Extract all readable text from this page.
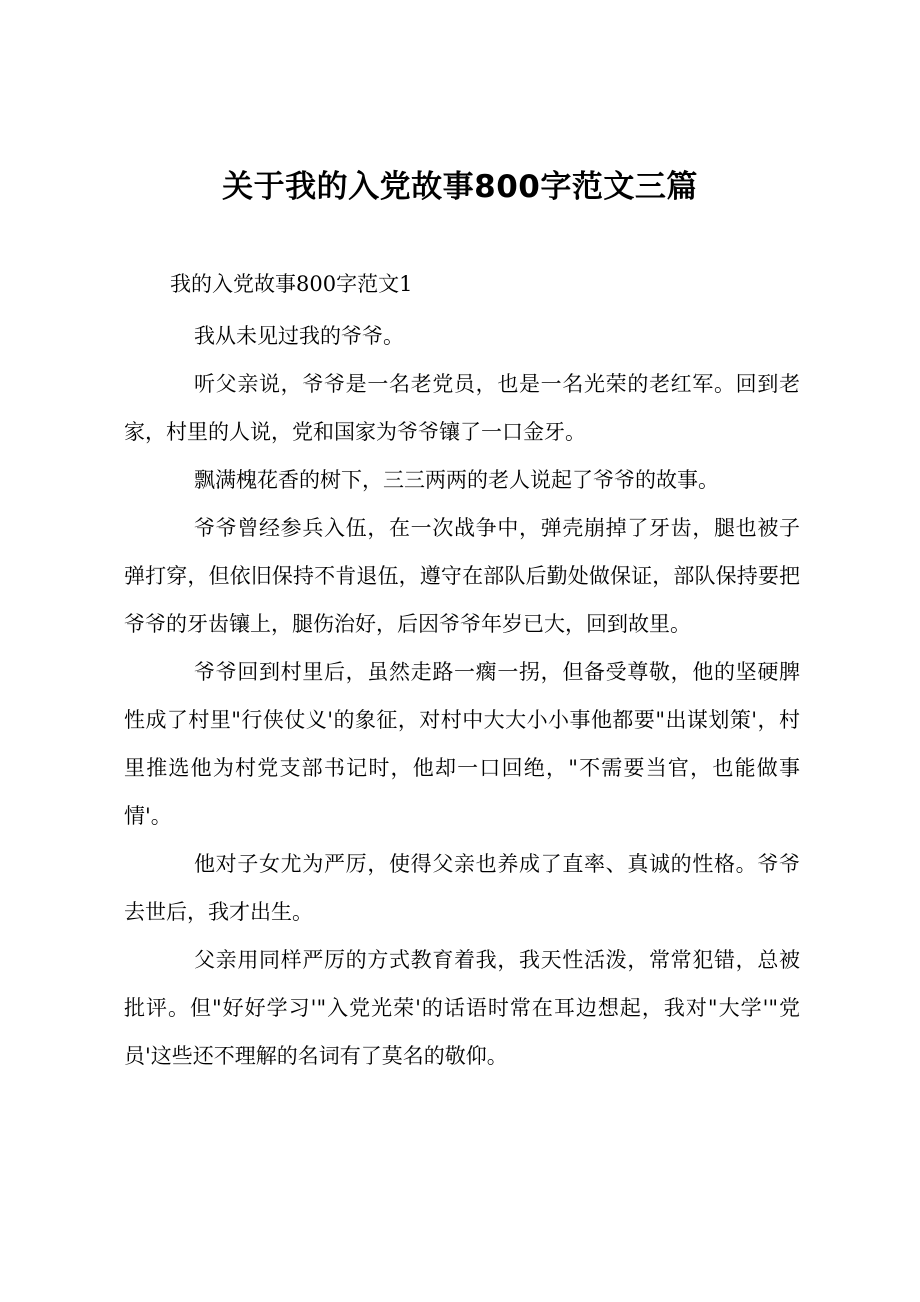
关于我的入党故事800字范文三篇
我的入党故事800字范文1

我从未见过我的爷爷。

听父亲说，爷爷是一名老党员，也是一名光荣的老红军。回到老家，村里的人说，党和国家为爷爷镶了一口金牙。

飘满槐花香的树下，三三两两的老人说起了爷爷的故事。

爷爷曾经参兵入伍，在一次战争中，弹壳崩掉了牙齿，腿也被子弹打穿，但依旧保持不肯退伍，遵守在部队后勤处做保证，部队保持要把爷爷的牙齿镶上，腿伤治好，后因爷爷年岁已大，回到故里。

爷爷回到村里后，虽然走路一瘸一拐，但备受尊敬，他的坚硬脾性成了村里"行侠仗义'的象征，对村中大大小小事他都要"出谋划策'，村里推选他为村党支部书记时，他却一口回绝，"不需要当官，也能做事情'。

他对子女尤为严厉，使得父亲也养成了直率、真诚的性格。爷爷去世后，我才出生。

父亲用同样严厉的方式教育着我，我天性活泼，常常犯错，总被批评。但"好好学习'"入党光荣'的话语时常在耳边想起，我对"大学'"党员'这些还不理解的名词有了莫名的敬仰。
